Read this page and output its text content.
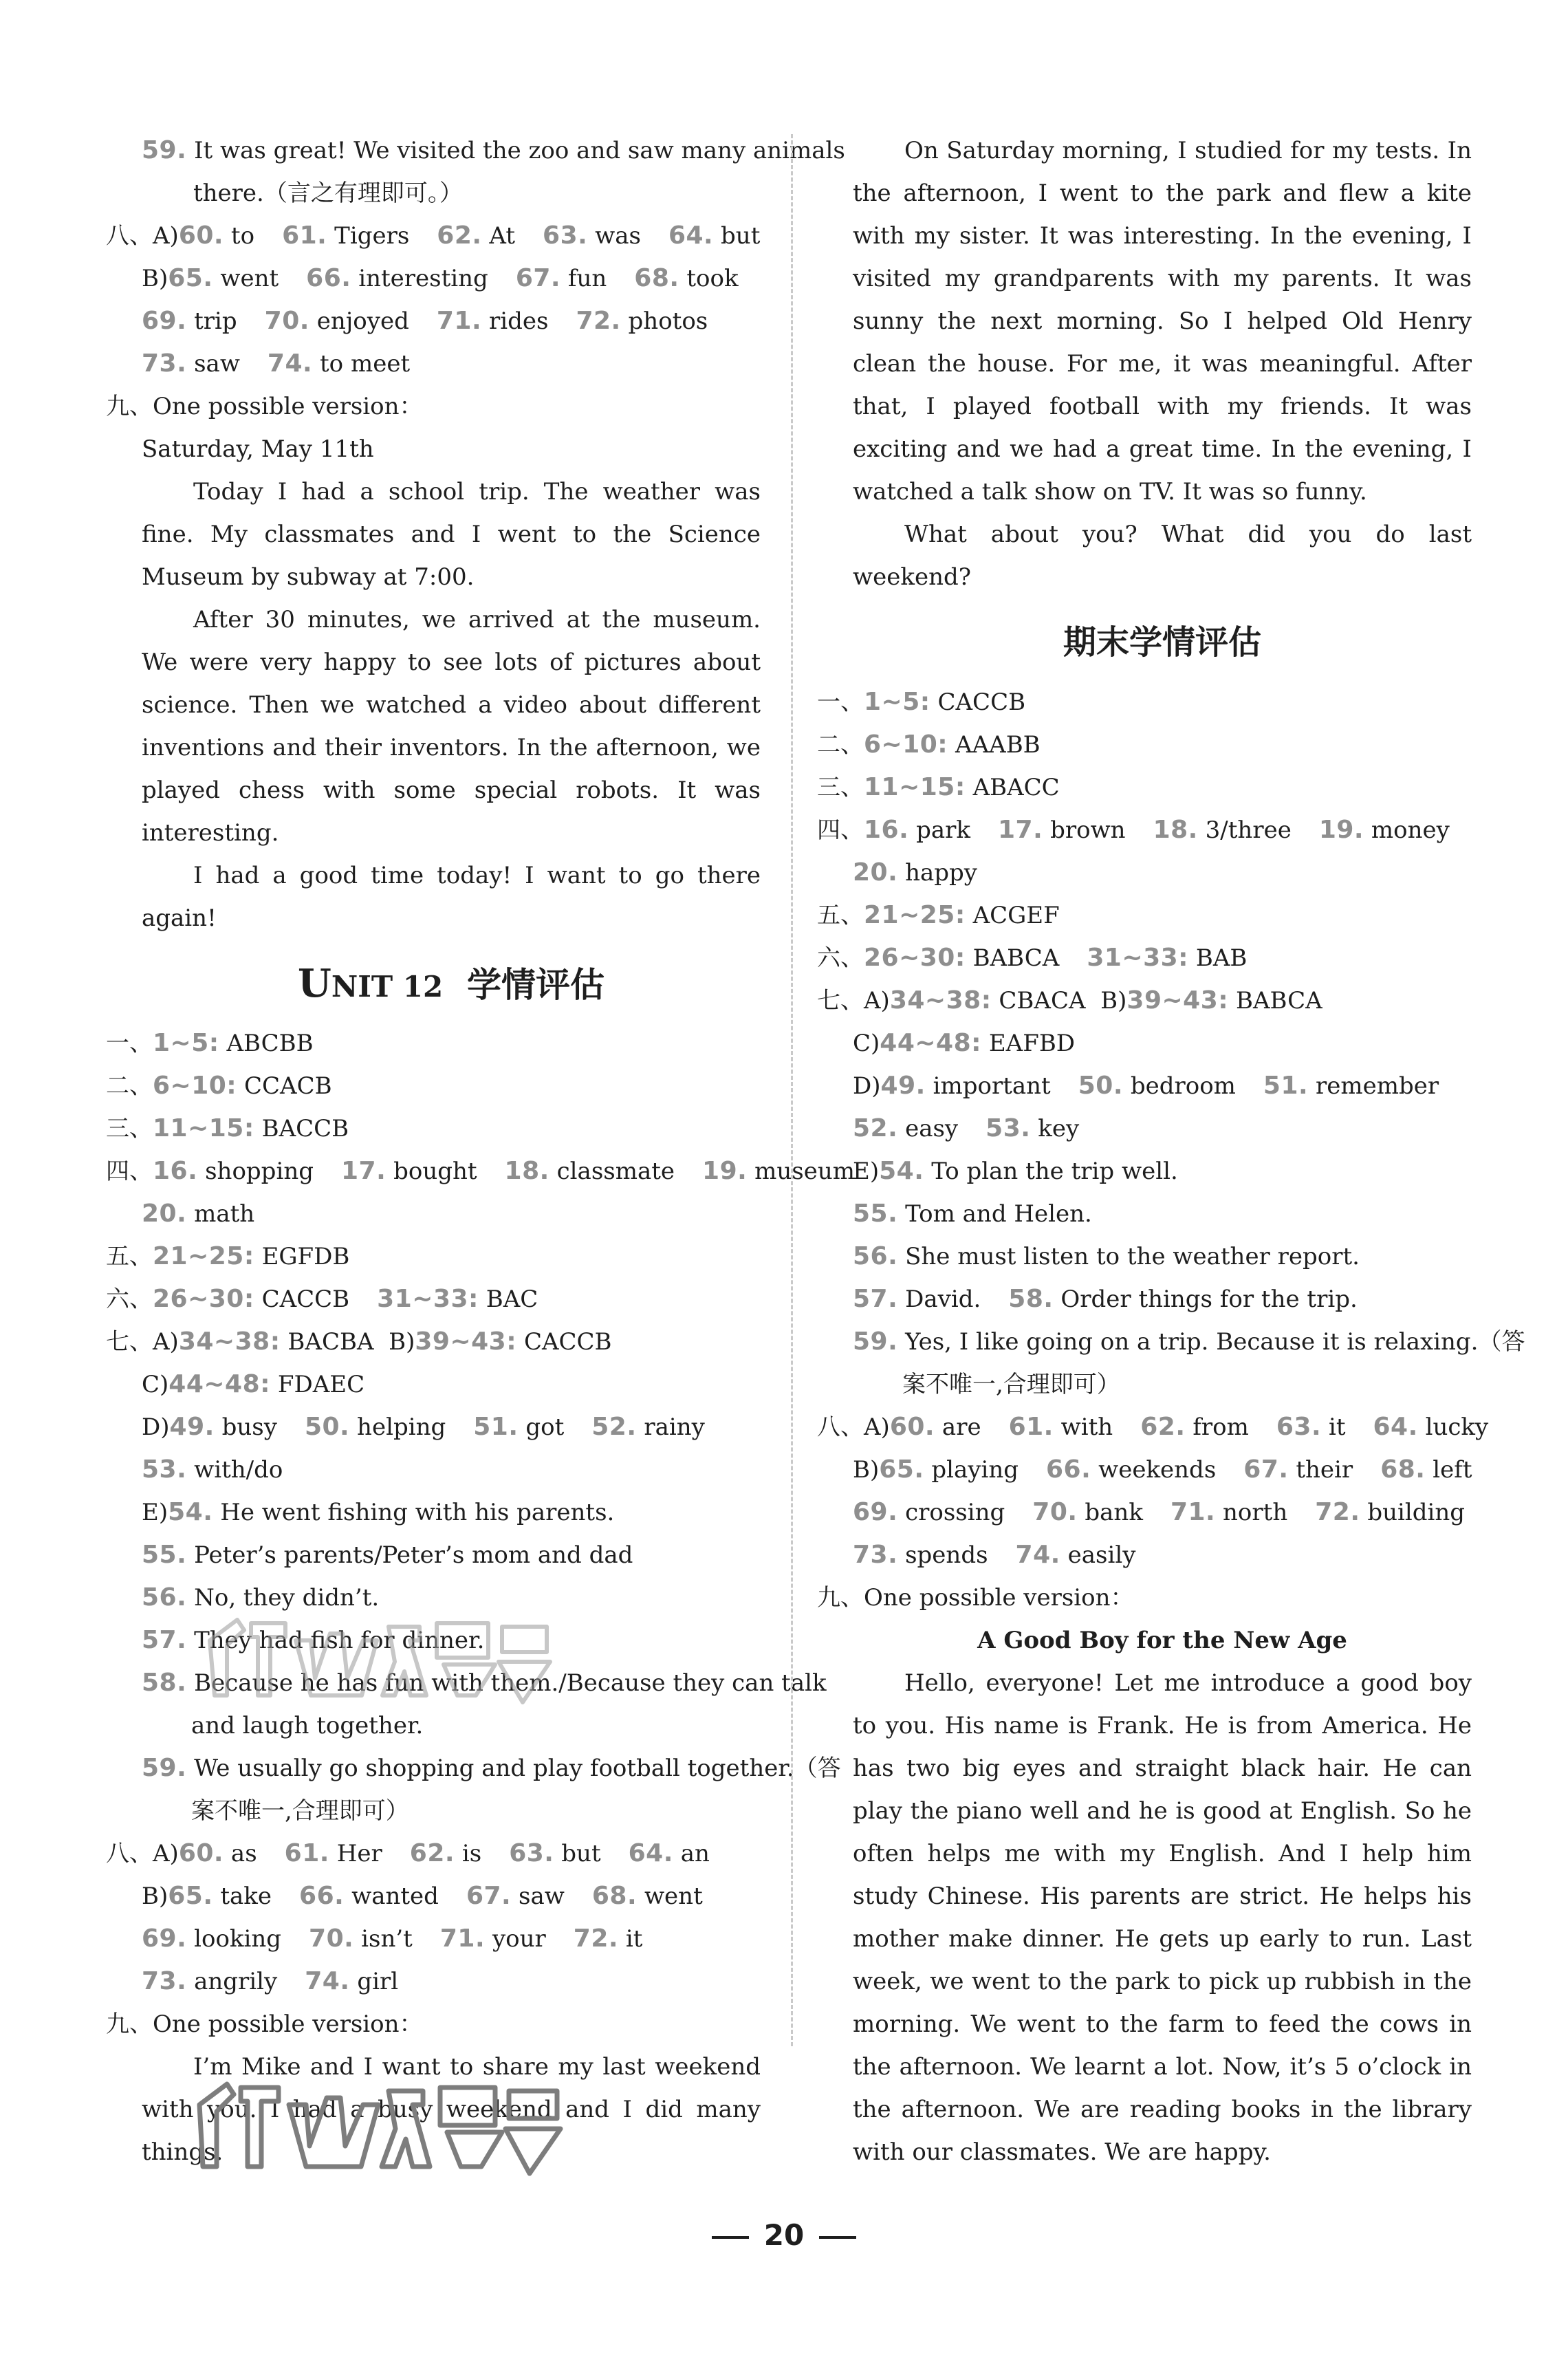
59. It was great! We visited the zoo and saw many animals
there.（言之有理即可。）
八、A)60. to 61. Tigers 62. At 63. was 64. but
B)65. went 66. interesting 67. fun 68. took
69. trip 70. enjoyed 71. rides 72. photos
73. saw 74. to meet
九、One possible version：
Saturday, May 11th

Today I had a school trip. The weather was fine. My classmates and I went to the Science Museum by subway at 7:00.

After 30 minutes, we arrived at the museum. We were very happy to see lots of pictures about science. Then we watched a video about different inventions and their inventors. In the afternoon, we played chess with some special robots. It was interesting.

I had a good time today! I want to go there again!

UNIT 12 学情评估
一、1~5: ABCBB
二、6~10: CCACB
三、11~15: BACCB
四、16. shopping 17. bought 18. classmate 19. museum
20. math
五、21~25: EGFDB
六、26~30: CACCB 31~33: BAC
七、A)34~38: BACBA B)39~43: CACCB
C)44~48: FDAEC
D)49. busy 50. helping 51. got 52. rainy
53. with/do
E)54. He went fishing with his parents.
55. Peter’s parents/Peter’s mom and dad
56. No, they didn’t.
57. They had fish for dinner.
58. Because he has fun with them./Because they can talk
and laugh together.
59. We usually go shopping and play football together.（答
案不唯一,合理即可）
八、A)60. as 61. Her 62. is 63. but 64. an
B)65. take 66. wanted 67. saw 68. went
69. looking 70. isn’t 71. your 72. it
73. angrily 74. girl
九、One possible version：

I’m Mike and I want to share my last weekend with you. I had a busy weekend and I did many things.

On Saturday morning, I studied for my tests. In the afternoon, I went to the park and flew a kite with my sister. It was interesting. In the evening, I visited my grandparents with my parents. It was sunny the next morning. So I helped Old Henry clean the house. For me, it was meaningful. After that, I played football with my friends. It was exciting and we had a great time. In the evening, I watched a talk show on TV. It was so funny.

What about you? What did you do last weekend?

期末学情评估
一、1~5: CACCB
二、6~10: AAABB
三、11~15: ABACC
四、16. park 17. brown 18. 3/three 19. money
20. happy
五、21~25: ACGEF
六、26~30: BABCA 31~33: BAB
七、A)34~38: CBACA B)39~43: BABCA
C)44~48: EAFBD
D)49. important 50. bedroom 51. remember
52. easy 53. key
E)54. To plan the trip well.
55. Tom and Helen.
56. She must listen to the weather report.
57. David. 58. Order things for the trip.
59. Yes, I like going on a trip. Because it is relaxing.（答
案不唯一,合理即可）
八、A)60. are 61. with 62. from 63. it 64. lucky
B)65. playing 66. weekends 67. their 68. left
69. crossing 70. bank 71. north 72. building
73. spends 74. easily
九、One possible version：
A Good Boy for the New Age

Hello, everyone! Let me introduce a good boy to you. His name is Frank. He is from America. He has two big eyes and straight black hair. He can play the piano well and he is good at English. So he often helps me with my English. And I help him study Chinese. His parents are strict. He helps his mother make dinner. He gets up early to run. Last week, we went to the park to pick up rubbish in the morning. We went to the farm to feed the cows in the afternoon. We learnt a lot. Now, it’s 5 o’clock in the afternoon. We are reading books in the library with our classmates. We are happy.

20
